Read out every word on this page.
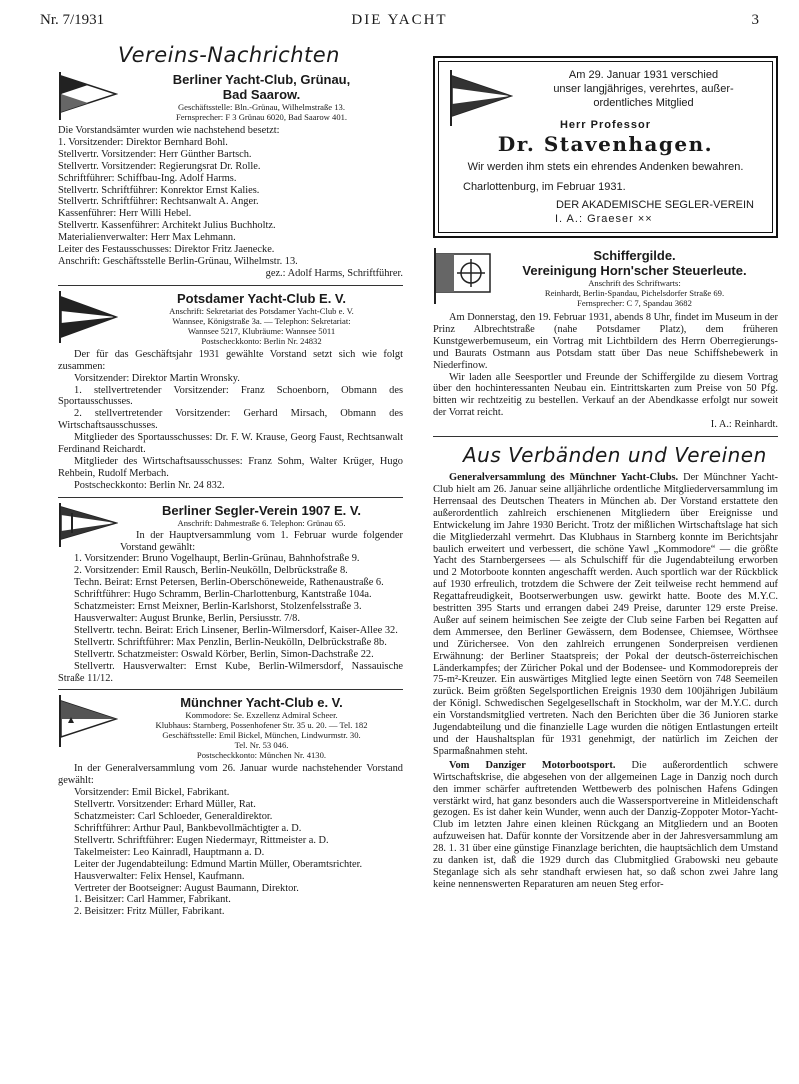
Nr. 7/1931	DIE YACHT	3
Vereins-Nachrichten
Berliner Yacht-Club, Grünau,
Bad Saarow.
Geschäftsstelle: Bln.-Grünau, Wilhelmstraße 13.
Fernsprecher: F 3 Grünau 6020, Bad Saarow 401.

Die Vorstandsämter wurden wie nachstehend besetzt:

1. Vorsitzender: Direktor Bernhard Bohl.

Stellvertr. Vorsitzender: Herr Günther Bartsch.

Stellvertr. Vorsitzender: Regierungsrat Dr. Rolle.

Schriftführer: Schiffbau-Ing. Adolf Harms.

Stellvertr. Schriftführer: Konrektor Ernst Kalies.

Stellvertr. Schriftführer: Rechtsanwalt A. Anger.

Kassenführer: Herr Willi Hebel.

Stellvertr. Kassenführer: Architekt Julius Buchholtz.

Materialienverwalter: Herr Max Lehmann.

Leiter des Festausschusses: Direktor Fritz Jaenecke.

Anschrift: Geschäftsstelle Berlin-Grünau, Wilhelmstr. 13.

gez.: Adolf Harms, Schriftführer.

Potsdamer Yacht-Club E. V.
Anschrift: Sekretariat des Potsdamer Yacht-Club e. V.
Wannsee, Königstraße 3a. — Telephon: Sekretariat:
Wannsee 5217, Klubräume: Wannsee 5011
Postscheckkonto: Berlin Nr. 24832

Der für das Geschäftsjahr 1931 gewählte Vorstand setzt sich wie folgt zusammen:

Vorsitzender: Direktor Martin Wronsky.

1. stellvertretender Vorsitzender: Franz Schoenborn, Obmann des Sportausschusses.

2. stellvertretender Vorsitzender: Gerhard Mirsach, Obmann des Wirtschaftsausschusses.

Mitglieder des Sportausschusses: Dr. F. W. Krause, Georg Faust, Rechtsanwalt Ferdinand Reichardt.

Mitglieder des Wirtschaftsausschusses: Franz Sohm, Walter Krüger, Hugo Rehbein, Rudolf Merbach.

Postscheckkonto: Berlin Nr. 24 832.

Berliner Segler-Verein 1907 E. V.
Anschrift: Dahmestraße 6. Telephon: Grünau 65.

In der Hauptversammlung vom 1. Februar wurde folgender Vorstand gewählt:

1. Vorsitzender: Bruno Vogelhaupt, Berlin-Grünau, Bahnhofstraße 9.

2. Vorsitzender: Emil Rausch, Berlin-Neukölln, Delbrückstraße 8.

Techn. Beirat: Ernst Petersen, Berlin-Oberschöneweide, Rathenaustraße 6.

Schriftführer: Hugo Schramm, Berlin-Charlottenburg, Kantstraße 104a.

Schatzmeister: Ernst Meixner, Berlin-Karlshorst, Stolzenfelsstraße 3.

Hausverwalter: August Brunke, Berlin, Persiusstr. 7/8.

Stellvertr. techn. Beirat: Erich Linsener, Berlin-Wilmersdorf, Kaiser-Allee 32.

Stellvertr. Schriftführer: Max Penzlin, Berlin-Neukölln, Delbrückstraße 8b.

Stellvertr. Schatzmeister: Oswald Körber, Berlin, Simon-Dachstraße 22.

Stellvertr. Hausverwalter: Ernst Kube, Berlin-Wilmersdorf, Nassauische Straße 11/12.

Münchner Yacht-Club e. V.
Kommodore: Se. Exzellenz Admiral Scheer.
Klubhaus: Starnberg, Possenhofener Str. 35 u. 20. — Tel. 182
Geschäftsstelle: Emil Bickel, München, Lindwurmstr. 30.
Tel. Nr. 53 046.
Postscheckkonto: München Nr. 4130.

In der Generalversammlung vom 26. Januar wurde nachstehender Vorstand gewählt:

Vorsitzender: Emil Bickel, Fabrikant.

Stellvertr. Vorsitzender: Erhard Müller, Rat.

Schatzmeister: Carl Schloeder, Generaldirektor.

Schriftführer: Arthur Paul, Bankbevollmächtigter a. D.

Stellvertr. Schriftführer: Eugen Niedermayr, Rittmeister a. D.

Takelmeister: Leo Kainradl, Hauptmann a. D.

Leiter der Jugendabteilung: Edmund Martin Müller, Oberamtsrichter.

Hausverwalter: Felix Hensel, Kaufmann.

Vertreter der Bootseigner: August Baumann, Direktor.

1. Beisitzer: Carl Hammer, Fabrikant.

2. Beisitzer: Fritz Müller, Fabrikant.

Am 29. Januar 1931 verschied
unser langjähriges, verehrtes, außer-
ordentliches Mitglied
Herr Professor
Dr. Stavenhagen.
Wir werden ihm stets ein ehrendes Andenken bewahren.
Charlottenburg, im Februar 1931.
DER AKADEMISCHE SEGLER-VEREIN
I. A.: Graeser ××
Schiffergilde.
Vereinigung Horn'scher Steuerleute.
Anschrift des Schriftwarts:
Reinhardt, Berlin-Spandau, Pichelsdorfer Straße 69.
Fernsprecher: C 7, Spandau 3682

Am Donnerstag, den 19. Februar 1931, abends 8 Uhr, findet im Museum in der Prinz Albrechtstraße (nahe Potsdamer Platz), dem früheren Kunstgewerbemuseum, ein Vortrag mit Lichtbildern des Herrn Oberregierungs- und Baurats Ostmann aus Potsdam statt über Das neue Schiffshebewerk in Niederfinow.

Wir laden alle Seesportler und Freunde der Schiffergilde zu diesem Vortrag über den hochinteressanten Neubau ein. Eintrittskarten zum Preise von 50 Pfg. bitten wir rechtzeitig zu bestellen. Verkauf an der Abendkasse erfolgt nur soweit der Vorrat reicht.

I. A.: Reinhardt.

Aus Verbänden und Vereinen

Generalversammlung des Münchner Yacht-Clubs. Der Münchner Yacht-Club hielt am 26. Januar seine alljährliche ordentliche Mitgliederversammlung im Herrensaal des Deutschen Theaters in München ab. Der Vorstand erstattete den außerordentlich zahlreich erschienenen Mitgliedern über Ereignisse und Entwickelung im Jahre 1930 Bericht. Trotz der mißlichen Wirtschaftslage hat sich die Mitgliederzahl vermehrt. Das Klubhaus in Starnberg konnte im Berichtsjahr baulich erweitert und verbessert, die schöne Yawl „Kommodore“ — die größte Yacht des Starnbergersees — als Schulschiff für die Jugendabteilung erworben und 2 Motorboote konnten angeschafft werden. Auch sportlich war der Rückblick auf 1930 erfreulich, trotzdem die Schwere der Zeit teilweise recht hemmend auf Regattafreudigkeit, Bootserwerbungen usw. gewirkt hatte. Boote des M.Y.C. bestritten 395 Starts und errangen dabei 249 Preise, darunter 129 erste Preise. Außer auf seinem heimischen See zeigte der Club seine Farben bei Regatten auf dem Ammersee, den Berliner Gewässern, dem Bodensee, Chiemsee, Wörthsee und Zürichersee. Von den zahlreich errungenen Sonderpreisen verdienen Erwähnung: der Berliner Staatspreis; der Pokal der deutsch-österreichischen Länderkampfes; der Züricher Pokal und der Bodensee- und Kommodorepreis der 75-m²-Kreuzer. Ein auswärtiges Mitglied legte einen Seetörn von 748 Seemeilen zurück. Beim größten Segelsportlichen Ereignis 1930 dem 100jährigen Jubiläum der Königl. Schwedischen Segelgesellschaft in Stockholm, war der M.Y.C. durch ein Vorstandsmitglied vertreten. Nach den Berichten über die 36 Junioren starke Jugendabteilung und die finanzielle Lage wurden die nötigen Entlastungen erteilt und der Haushaltsplan für 1931 genehmigt, der natürlich im Zeichen der Sparmaßnahmen steht.

Vom Danziger Motorbootsport. Die außerordentlich schwere Wirtschaftskrise, die abgesehen von der allgemeinen Lage in Danzig noch durch den immer schärfer auftretenden Wettbewerb des polnischen Hafens Gdingen verstärkt wird, hat ganz besonders auch die Wassersportvereine in Mitleidenschaft gezogen. Es ist daher kein Wunder, wenn auch der Danzig-Zoppoter Motor-Yacht-Club im letzten Jahre einen kleinen Rückgang an Mitgliedern und an Booten aufzuweisen hat. Dafür konnte der Vorsitzende aber in der Jahresversammlung am 28. 1. 31 über eine günstige Finanzlage berichten, die hauptsächlich dem Umstand zu danken ist, daß die 1929 durch das Clubmitglied Grabowski neu gebaute Steganlage sich als sehr standhaft erwiesen hat, so daß schon zwei Jahre lang keine nennenswerten Reparaturen am neuen Steg erfor-
